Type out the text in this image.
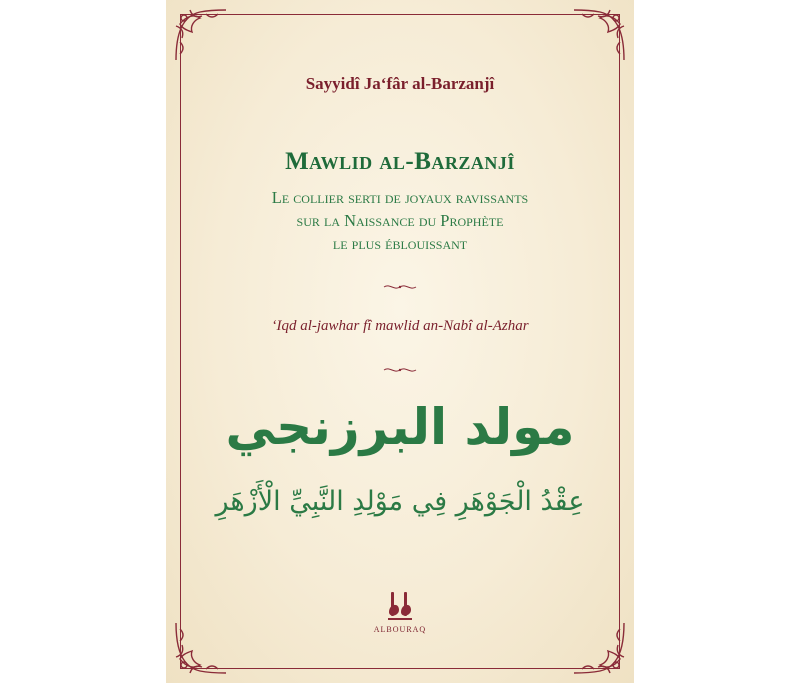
Sayyidî Ja‘fâr al-Barzanjî
Mawlid al-Barzanjî
Le collier serti de joyaux ravissants
sur la Naissance du Prophète
le plus éblouissant
‘Iqd al-jawhar fî mawlid an-Nabî al-Azhar
مولد البرزنجي
عِقْدُ الْجَوْهَرِ فِي مَوْلِدِ النَّبِيِّ الْأَزْهَرِ
ALBOURAQ
